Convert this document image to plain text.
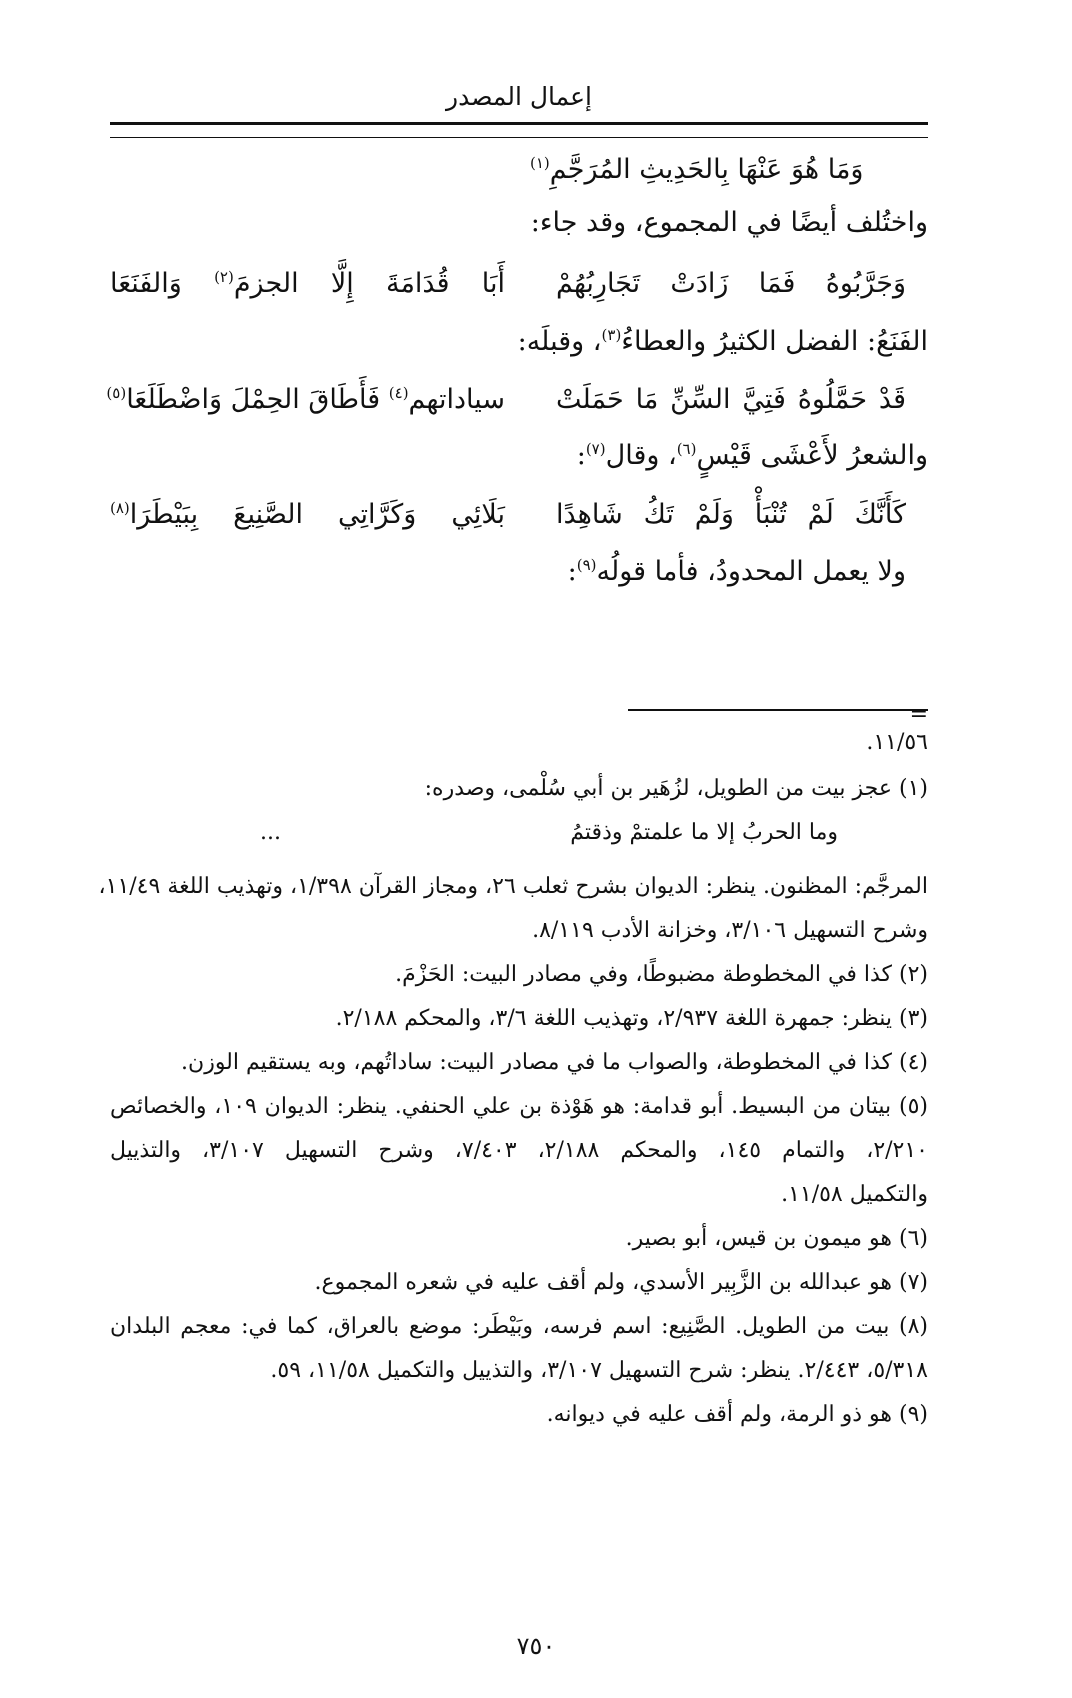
إعمال المصدر
وَمَا هُوَ عَنْهَا بِالحَدِيثِ المُرَجَّمِ$^{(١)}$
واختُلف أيضًا في المجموع، وقد جاء:
وَجَرَّبُوهُ فَمَا زَادَتْ تَجَارِبُهُمْ
أَبَا قُدَامَةَ إِلَّا الجزمَ$^{(٢)}$ وَالفَنَعَا
الفَنَعُ: الفضل الكثيرُ والعطاءُ$^{(٣)}$، وقبلَه:
قَدْ حَمَّلُوهُ فَتِيَّ السِّنِّ مَا حَمَلَتْ
سياداتهم$^{(٤)}$ فَأَطَاقَ الحِمْلَ وَاضْطَلَعَا$^{(٥)}$
والشعرُ لأَعْشَى قَيْسٍ$^{(٦)}$، وقال$^{(٧)}$:
كَأَنَّكَ لَمْ تُنْبَأْ وَلَمْ تَكُ شَاهِدًا
بَلَائِي وَكَرَّاتِي الصَّنِيعَ بِبَيْطَرَا$^{(٨)}$
ولا يعمل المحدودُ، فأما قولُه$^{(٩)}$:
=
١١/٥٦.
(١) عجز بيت من الطويل، لزُهَير بن أبي سُلْمى، وصدره:
وما الحربُ إلا ما علمتمْ وذقتمُ
...
المرجَّم: المظنون. ينظر: الديوان بشرح ثعلب ٢٦، ومجاز القرآن ١/٣٩٨، وتهذيب اللغة ١١/٤٩،
وشرح التسهيل ٣/١٠٦، وخزانة الأدب ٨/١١٩.
(٢) كذا في المخطوطة مضبوطًا، وفي مصادر البيت: الحَزْمَ.
(٣) ينظر: جمهرة اللغة ٢/٩٣٧، وتهذيب اللغة ٣/٦، والمحكم ٢/١٨٨.
(٤) كذا في المخطوطة، والصواب ما في مصادر البيت: ساداتُهم، وبه يستقيم الوزن.
(٥) بيتان من البسيط. أبو قدامة: هو هَوْذة بن علي الحنفي. ينظر: الديوان ١٠٩، والخصائص
٢/٢١٠، والتمام ١٤٥، والمحكم ٢/١٨٨، ٧/٤٠٣، وشرح التسهيل ٣/١٠٧، والتذييل
والتكميل ١١/٥٨.
(٦) هو ميمون بن قيس، أبو بصير.
(٧) هو عبدالله بن الزَّبِير الأسدي، ولم أقف عليه في شعره المجموع.
(٨) بيت من الطويل. الصَّنِيع: اسم فرسه، وبَيْطَر: موضع بالعراق، كما في: معجم البلدان
٥/٣١٨، ٢/٤٤٣. ينظر: شرح التسهيل ٣/١٠٧، والتذييل والتكميل ١١/٥٨، ٥٩.
(٩) هو ذو الرمة، ولم أقف عليه في ديوانه.
٧٥٠
